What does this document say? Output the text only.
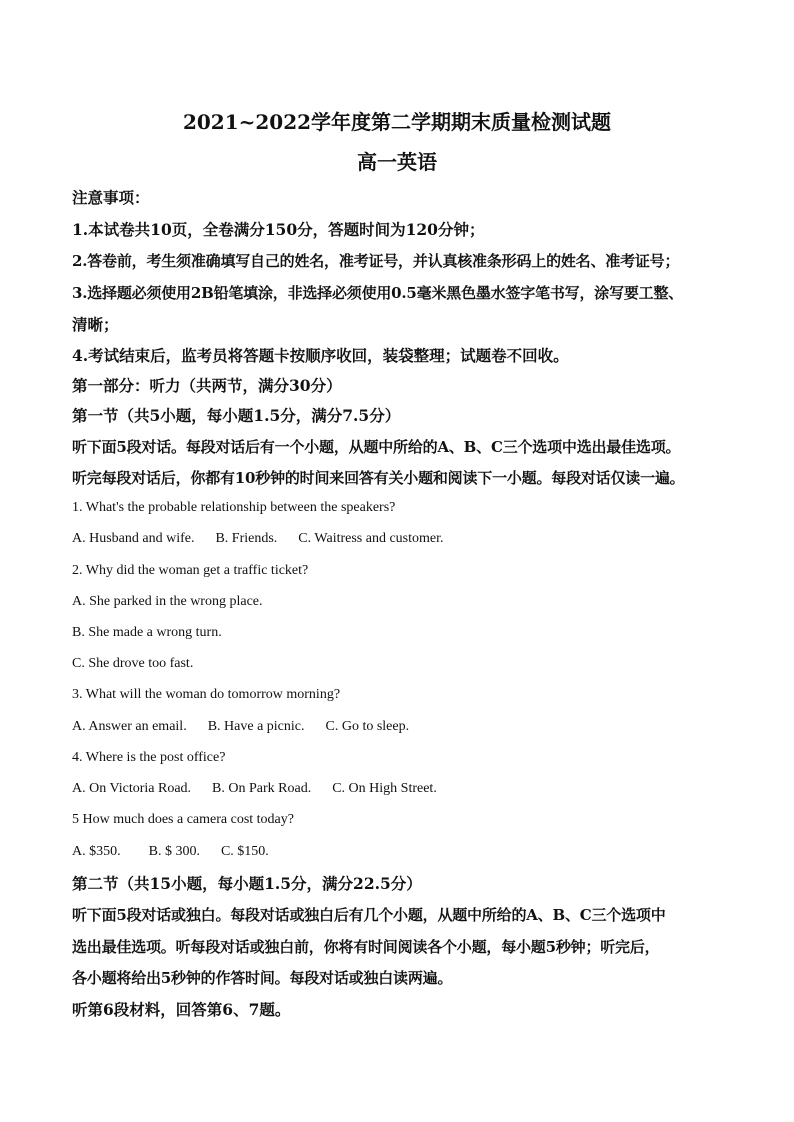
2021~2022学年度第二学期期末质量检测试题
高一英语
注意事项：
1.本试卷共10页，全卷满分150分，答题时间为120分钟；
2.答卷前，考生须准确填写自己的姓名，准考证号，并认真核准条形码上的姓名、准考证号；
3.选择题必须使用2B铅笔填涂，非选择必须使用0.5毫米黑色墨水签字笔书写，涂写要工整、
清晰；
4.考试结束后，监考员将答题卡按顺序收回，装袋整理；试题卷不回收。
第一部分：听力（共两节，满分30分）
第一节（共5小题，每小题1.5分，满分7.5分）
听下面5段对话。每段对话后有一个小题，从题中所给的A、B、C三个选项中选出最佳选项。
听完每段对话后，你都有10秒钟的时间来回答有关小题和阅读下一小题。每段对话仅读一遍。
1. What's the probable relationship between the speakers?
A. Husband and wife.      B. Friends.      C. Waitress and customer.
2. Why did the woman get a traffic ticket?
A. She parked in the wrong place.
B. She made a wrong turn.
C. She drove too fast.
3. What will the woman do tomorrow morning?
A. Answer an email.      B. Have a picnic.      C. Go to sleep.
4. Where is the post office?
A. On Victoria Road.      B. On Park Road.      C. On High Street.
5 How much does a camera cost today?
A. $350.        B. $ 300.      C. $150.
第二节（共15小题，每小题1.5分，满分22.5分）
听下面5段对话或独白。每段对话或独白后有几个小题，从题中所给的A、B、C三个选项中
选出最佳选项。听每段对话或独白前，你将有时间阅读各个小题，每小题5秒钟；听完后，
各小题将给出5秒钟的作答时间。每段对话或独白读两遍。
听第6段材料，回答第6、7题。
